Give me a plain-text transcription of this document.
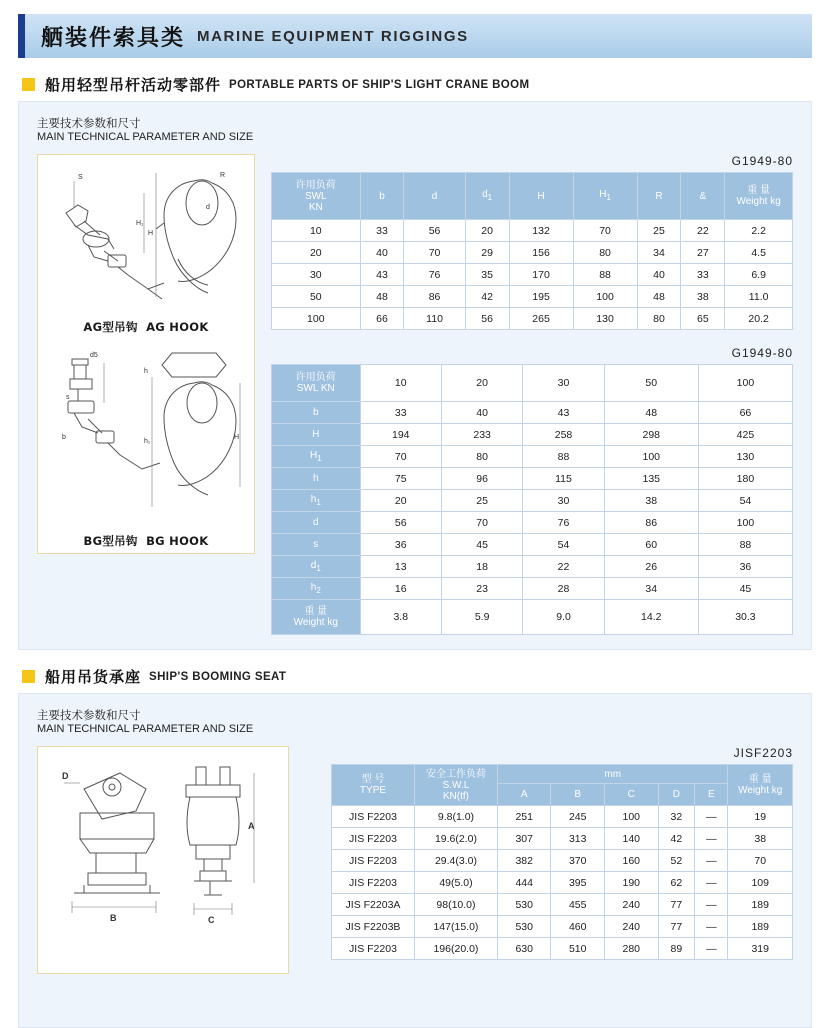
舾装件索具类 MARINE EQUIPMENT RIGGINGS
船用轻型吊杆活动零部件 PORTABLE PARTS OF SHIP'S LIGHT CRANE BOOM
主要技术参数和尺寸
MAIN TECHNICAL PARAMETER AND SIZE
S	R
H
H₁
d
AG型吊钩 AG HOOK
d5
h
s
b	H
h₁
BG型吊钩 BG HOOK
G1949-80
许用负荷
SWL
KN
	b	d	$d_1$	H	$H_1$	R	&	重 量
Weight kg

10	33	56	20	132	70	25	22	2.2
20	40	70	29	156	80	34	27	4.5
30	43	76	35	170	88	40	33	6.9
50	48	86	42	195	100	48	38	11.0
100	66	110	56	265	130	80	65	20.2
G1949-80
许用负荷
SWL KN	10	20	30	50	100
b	33	40	43	48	66
H	194	233	258	298	425
$H_1$	70	80	88	100	130
h	75	96	115	135	180
$h_1$	20	25	30	38	54
d	56	70	76	86	100
s	36	45	54	60	88
$d_1$	13	18	22	26	36
$h_2$	16	23	28	34	45

重 量
Weight kg	3.8	5.9	9.0	14.2	30.3
船用吊货承座 SHIP'S BOOMING SEAT
主要技术参数和尺寸
MAIN TECHNICAL PARAMETER AND SIZE
D
B
A
C
JISF2203
型 号
TYPE

安全工作负荷
S.W.L
KN(tf)
	mm	重 量
Weight kg

		A	B	C	D	E	
JIS F2203	9.8(1.0)	251	245	100	32	—	19
JIS F2203	19.6(2.0)	307	313	140	42	—	38
JIS F2203	29.4(3.0)	382	370	160	52	—	70
JIS F2203	49(5.0)	444	395	190	62	—	109
JIS F2203A	98(10.0)	530	455	240	77	—	189
JIS F2203B	147(15.0)	530	460	240	77	—	189
JIS F2203	196(20.0)	630	510	280	89	—	319
